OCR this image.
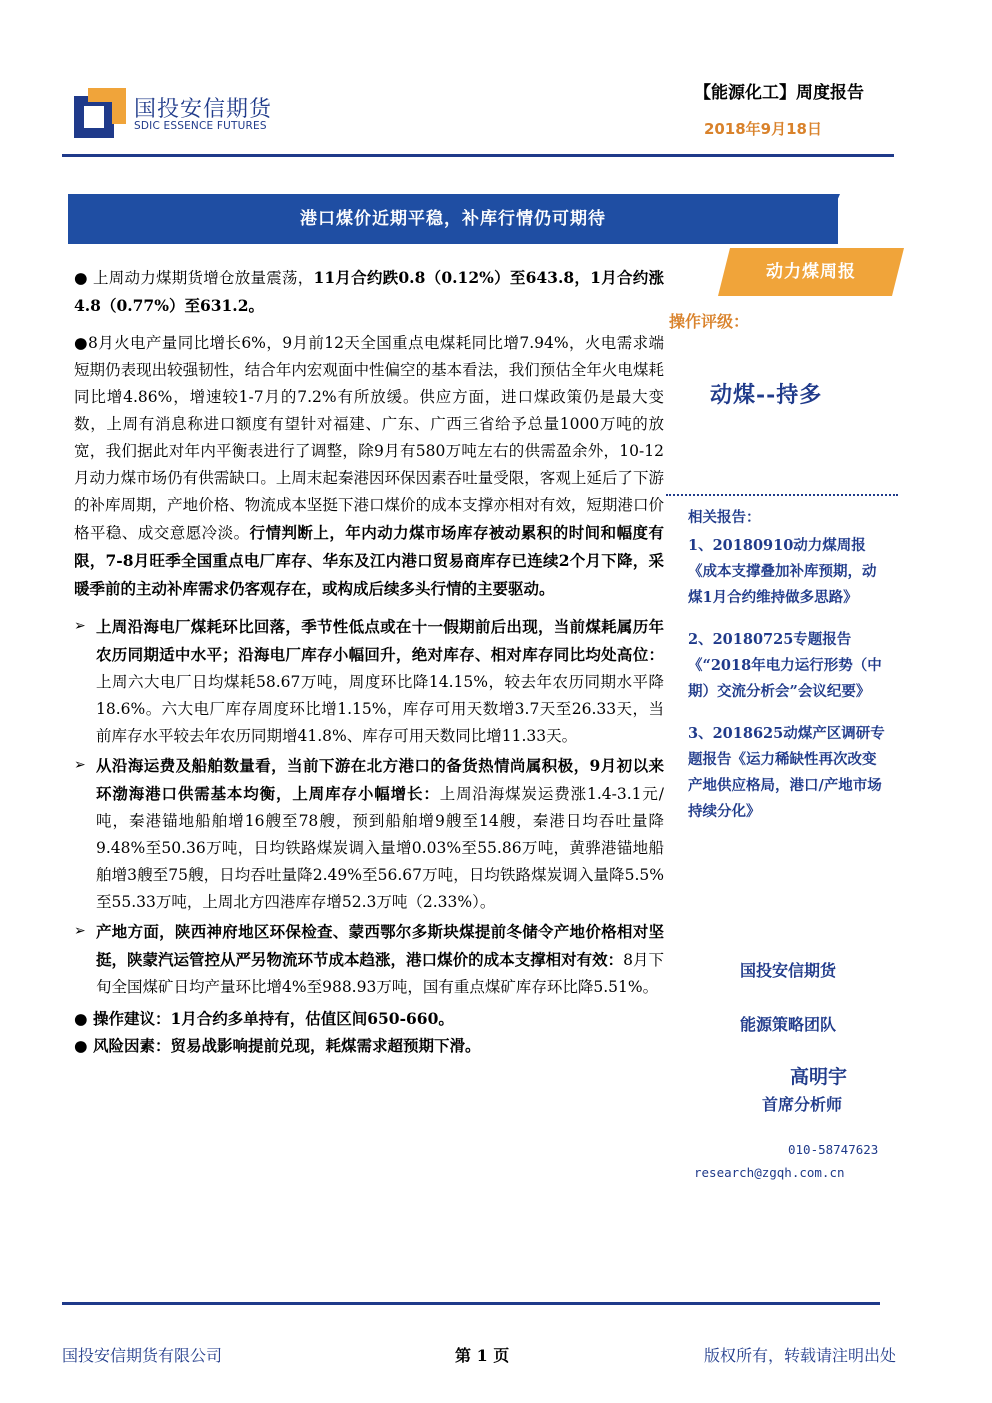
国投安信期货
SDIC ESSENCE FUTURES
【能源化工】周度报告
2018年9月18日
港口煤价近期平稳，补库行情仍可期待
动力煤周报
操作评级：
动煤--持多
相关报告：
1、20180910动力煤周报《成本支撑叠加补库预期，动煤1月合约维持做多思路》
2、20180725专题报告《“2018年电力运行形势（中期）交流分析会”会议纪要》
3、2018625动煤产区调研专题报告《运力稀缺性再次改变产地供应格局，港口/产地市场持续分化》
国投安信期货
能源策略团队
高明宇
首席分析师
010-58747623
research@zgqh.com.cn
● 上周动力煤期货增仓放量震荡，11月合约跌0.8（0.12%）至643.8，1月合约涨4.8（0.77%）至631.2。
●8月火电产量同比增长6%，9月前12天全国重点电煤耗同比增7.94%，火电需求端短期仍表现出较强韧性，结合年内宏观面中性偏空的基本看法，我们预估全年火电煤耗同比增4.86%，增速较1-7月的7.2%有所放缓。供应方面，进口煤政策仍是最大变数，上周有消息称进口额度有望针对福建、广东、广西三省给予总量1000万吨的放宽，我们据此对年内平衡表进行了调整，除9月有580万吨左右的供需盈余外，10-12月动力煤市场仍有供需缺口。上周末起秦港因环保因素吞吐量受限，客观上延后了下游的补库周期，产地价格、物流成本坚挺下港口煤价的成本支撑亦相对有效，短期港口价格平稳、成交意愿冷淡。行情判断上，年内动力煤市场库存被动累积的时间和幅度有限，7-8月旺季全国重点电厂库存、华东及江内港口贸易商库存已连续2个月下降，采暖季前的主动补库需求仍客观存在，或构成后续多头行情的主要驱动。
➢ 上周沿海电厂煤耗环比回落，季节性低点或在十一假期前后出现，当前煤耗属历年农历同期适中水平；沿海电厂库存小幅回升，绝对库存、相对库存同比均处高位：上周六大电厂日均煤耗58.67万吨，周度环比降14.15%，较去年农历同期水平降18.6%。六大电厂库存周度环比增1.15%，库存可用天数增3.7天至26.33天，当前库存水平较去年农历同期增41.8%、库存可用天数同比增11.33天。
➢ 从沿海运费及船舶数量看，当前下游在北方港口的备货热情尚属积极，9月初以来环渤海港口供需基本均衡，上周库存小幅增长：上周沿海煤炭运费涨1.4-3.1元/吨，秦港锚地船舶增16艘至78艘，预到船舶增9艘至14艘，秦港日均吞吐量降9.48%至50.36万吨，日均铁路煤炭调入量增0.03%至55.86万吨，黄骅港锚地船舶增3艘至75艘，日均吞吐量降2.49%至56.67万吨，日均铁路煤炭调入量降5.5%至55.33万吨，上周北方四港库存增52.3万吨（2.33%）。
➢ 产地方面，陕西神府地区环保检查、蒙西鄂尔多斯块煤提前冬储令产地价格相对坚挺，陕蒙汽运管控从严另物流环节成本趋涨，港口煤价的成本支撑相对有效：8月下旬全国煤矿日均产量环比增4%至988.93万吨，国有重点煤矿库存环比降5.51%。
● 操作建议：1月合约多单持有，估值区间650-660。
● 风险因素：贸易战影响提前兑现，耗煤需求超预期下滑。
国投安信期货有限公司	第 1 页	版权所有，转载请注明出处
